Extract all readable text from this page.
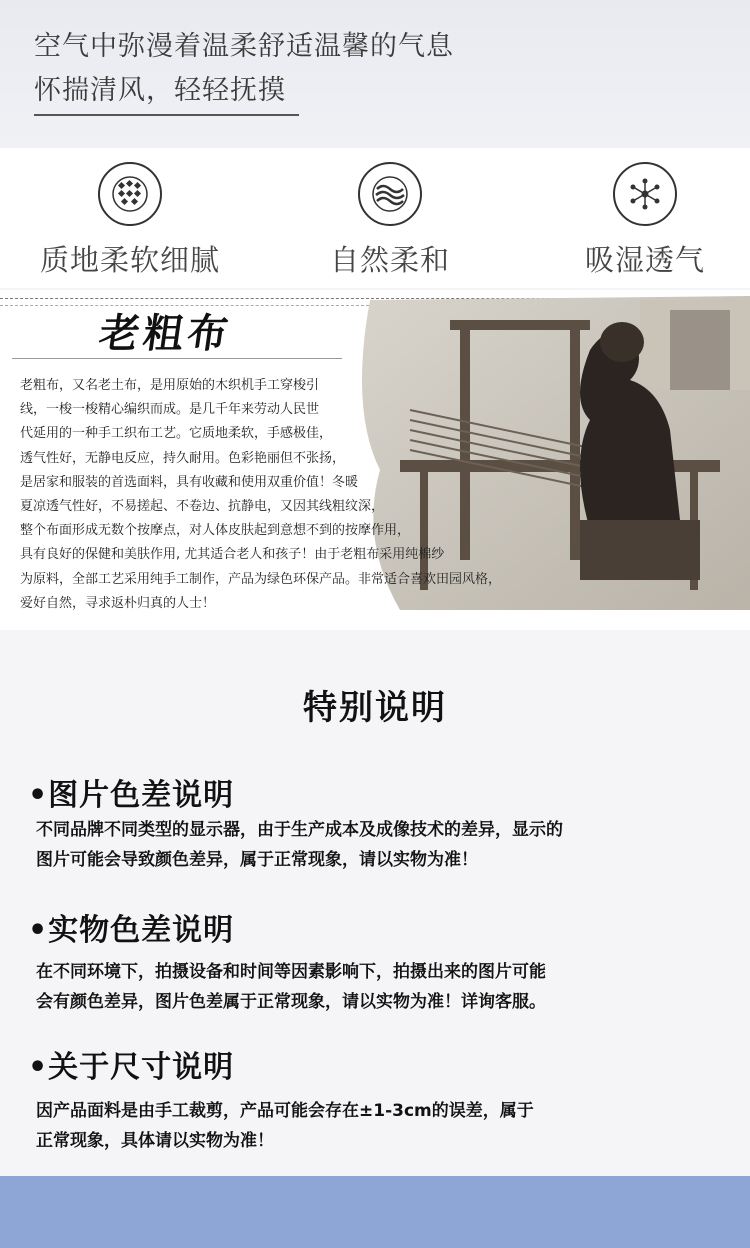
空气中弥漫着温柔舒适温馨的气息
怀揣清风，轻轻抚摸
质地柔软细腻	自然柔和	吸湿透气
老粗布
老粗布，又名老土布，是用原始的木织机手工穿梭引
线，一梭一梭精心编织而成。是几千年来劳动人民世
代延用的一种手工织布工艺。它质地柔软，手感极佳，
透气性好，无静电反应，持久耐用。色彩艳丽但不张扬，
是居家和服装的首选面料，具有收藏和使用双重价值！冬暖
夏凉透气性好，不易搓起、不卷边、抗静电，又因其线粗纹深，
整个布面形成无数个按摩点，对人体皮肤起到意想不到的按摩作用，
具有良好的保健和美肤作用, 尤其适合老人和孩子！由于老粗布采用纯棉纱
为原料，全部工艺采用纯手工制作，产品为绿色环保产品。非常适合喜欢田园风格，
爱好自然，寻求返朴归真的人士！
特别说明
•图片色差说明
不同品牌不同类型的显示器，由于生产成本及成像技术的差异，显示的
图片可能会导致颜色差异，属于正常现象，请以实物为准！
•实物色差说明
在不同环境下，拍摄设备和时间等因素影响下，拍摄出来的图片可能
会有颜色差异，图片色差属于正常现象，请以实物为准！详询客服。
•关于尺寸说明
因产品面料是由手工裁剪，产品可能会存在±1-3cm的误差，属于
正常现象，具体请以实物为准！
